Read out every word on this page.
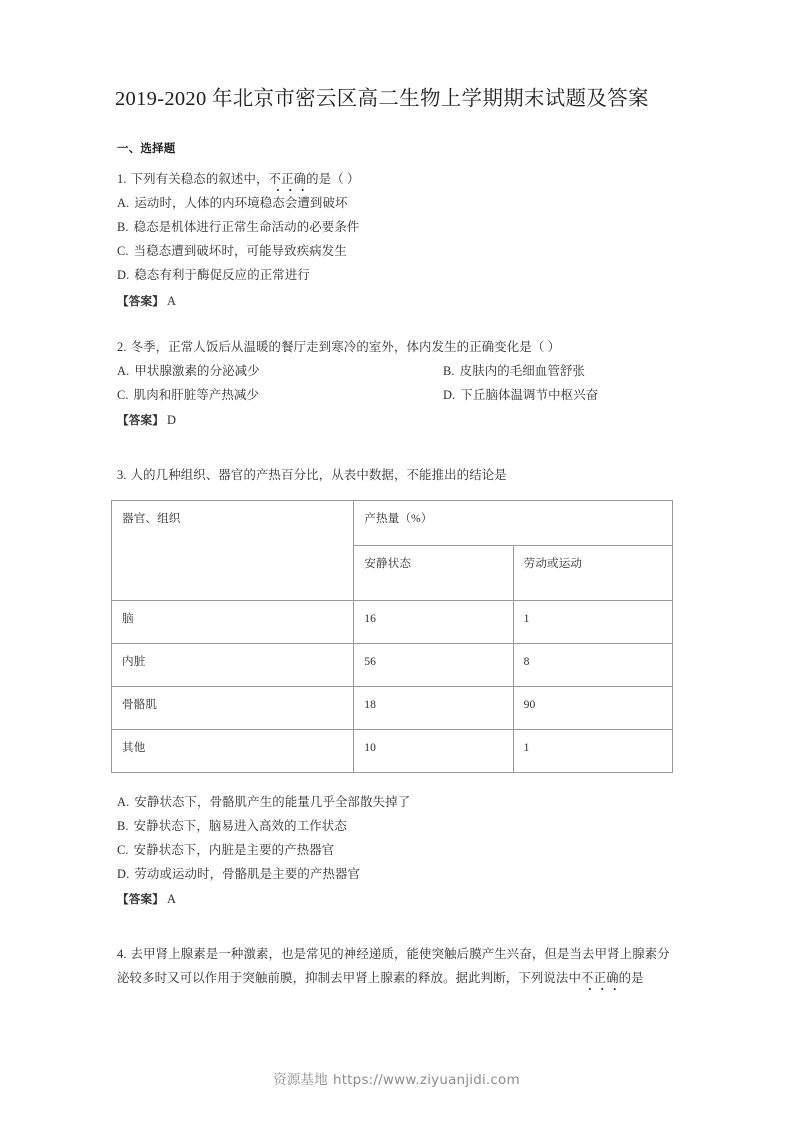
2019-2020 年北京市密云区高二生物上学期期末试题及答案
一、选择题
1. 下列有关稳态的叙述中，不正确的是（ ）
A. 运动时，人体的内环境稳态会遭到破坏
B. 稳态是机体进行正常生命活动的必要条件
C. 当稳态遭到破坏时，可能导致疾病发生
D. 稳态有利于酶促反应的正常进行
【答案】 A
2. 冬季，正常人饭后从温暖的餐厅走到寒冷的室外，体内发生的正确变化是（ ）
A. 甲状腺激素的分泌减少	B. 皮肤内的毛细血管舒张
C. 肌肉和肝脏等产热减少	D. 下丘脑体温调节中枢兴奋
【答案】 D
3. 人的几种组织、器官的产热百分比，从表中数据，不能推出的结论是
器官、组织	产热量（%）	
	安静状态	劳动或运动
脑	16	1
内脏	56	8
骨骼肌	18	90
其他	10	1
A. 安静状态下，骨骼肌产生的能量几乎全部散失掉了
B. 安静状态下，脑易进入高效的工作状态
C. 安静状态下，内脏是主要的产热器官
D. 劳动或运动时，骨骼肌是主要的产热器官
【答案】 A
4. 去甲肾上腺素是一种激素，也是常见的神经递质，能使突触后膜产生兴奋，但是当去甲肾上腺素分泌较多时又可以作用于突触前膜，抑制去甲肾上腺素的释放。据此判断，下列说法中不正确的是
资源基地 https://www.ziyuanjidi.com
